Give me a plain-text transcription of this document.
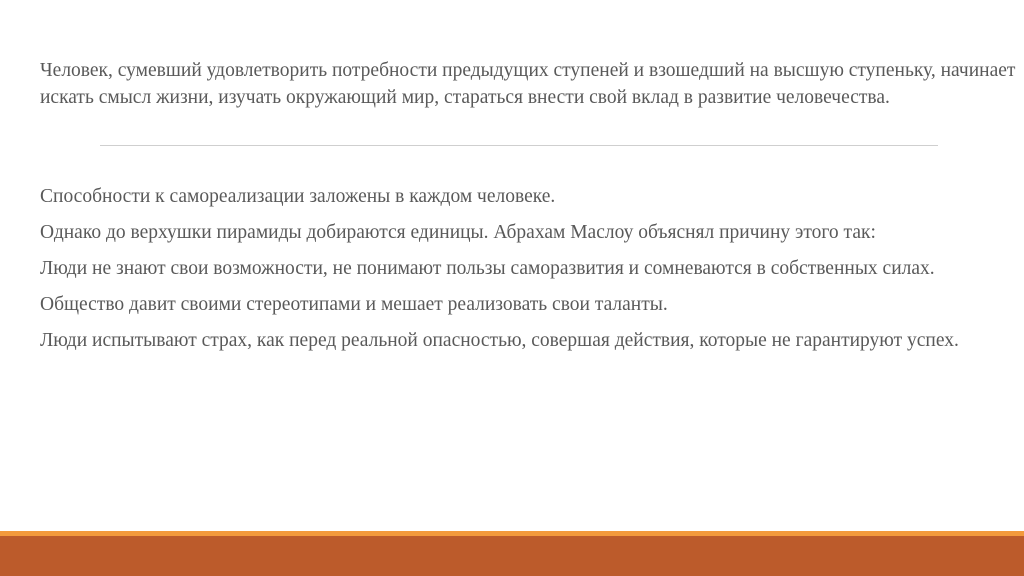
Человек, сумевший удовлетворить потребности предыдущих ступеней и взошедший на высшую ступеньку, начинает искать смысл жизни, изучать окружающий мир, стараться внести свой вклад в развитие человечества.

Способности к самореализации заложены в каждом человеке.
Однако до верхушки пирамиды добираются единицы. Абрахам Маслоу объяснял причину этого так:
Люди не знают свои возможности, не понимают пользы саморазвития и сомневаются в собственных силах.
Общество давит своими стереотипами и мешает реализовать свои таланты.
Люди испытывают страх, как перед реальной опасностью, совершая действия, которые не гарантируют успех.
